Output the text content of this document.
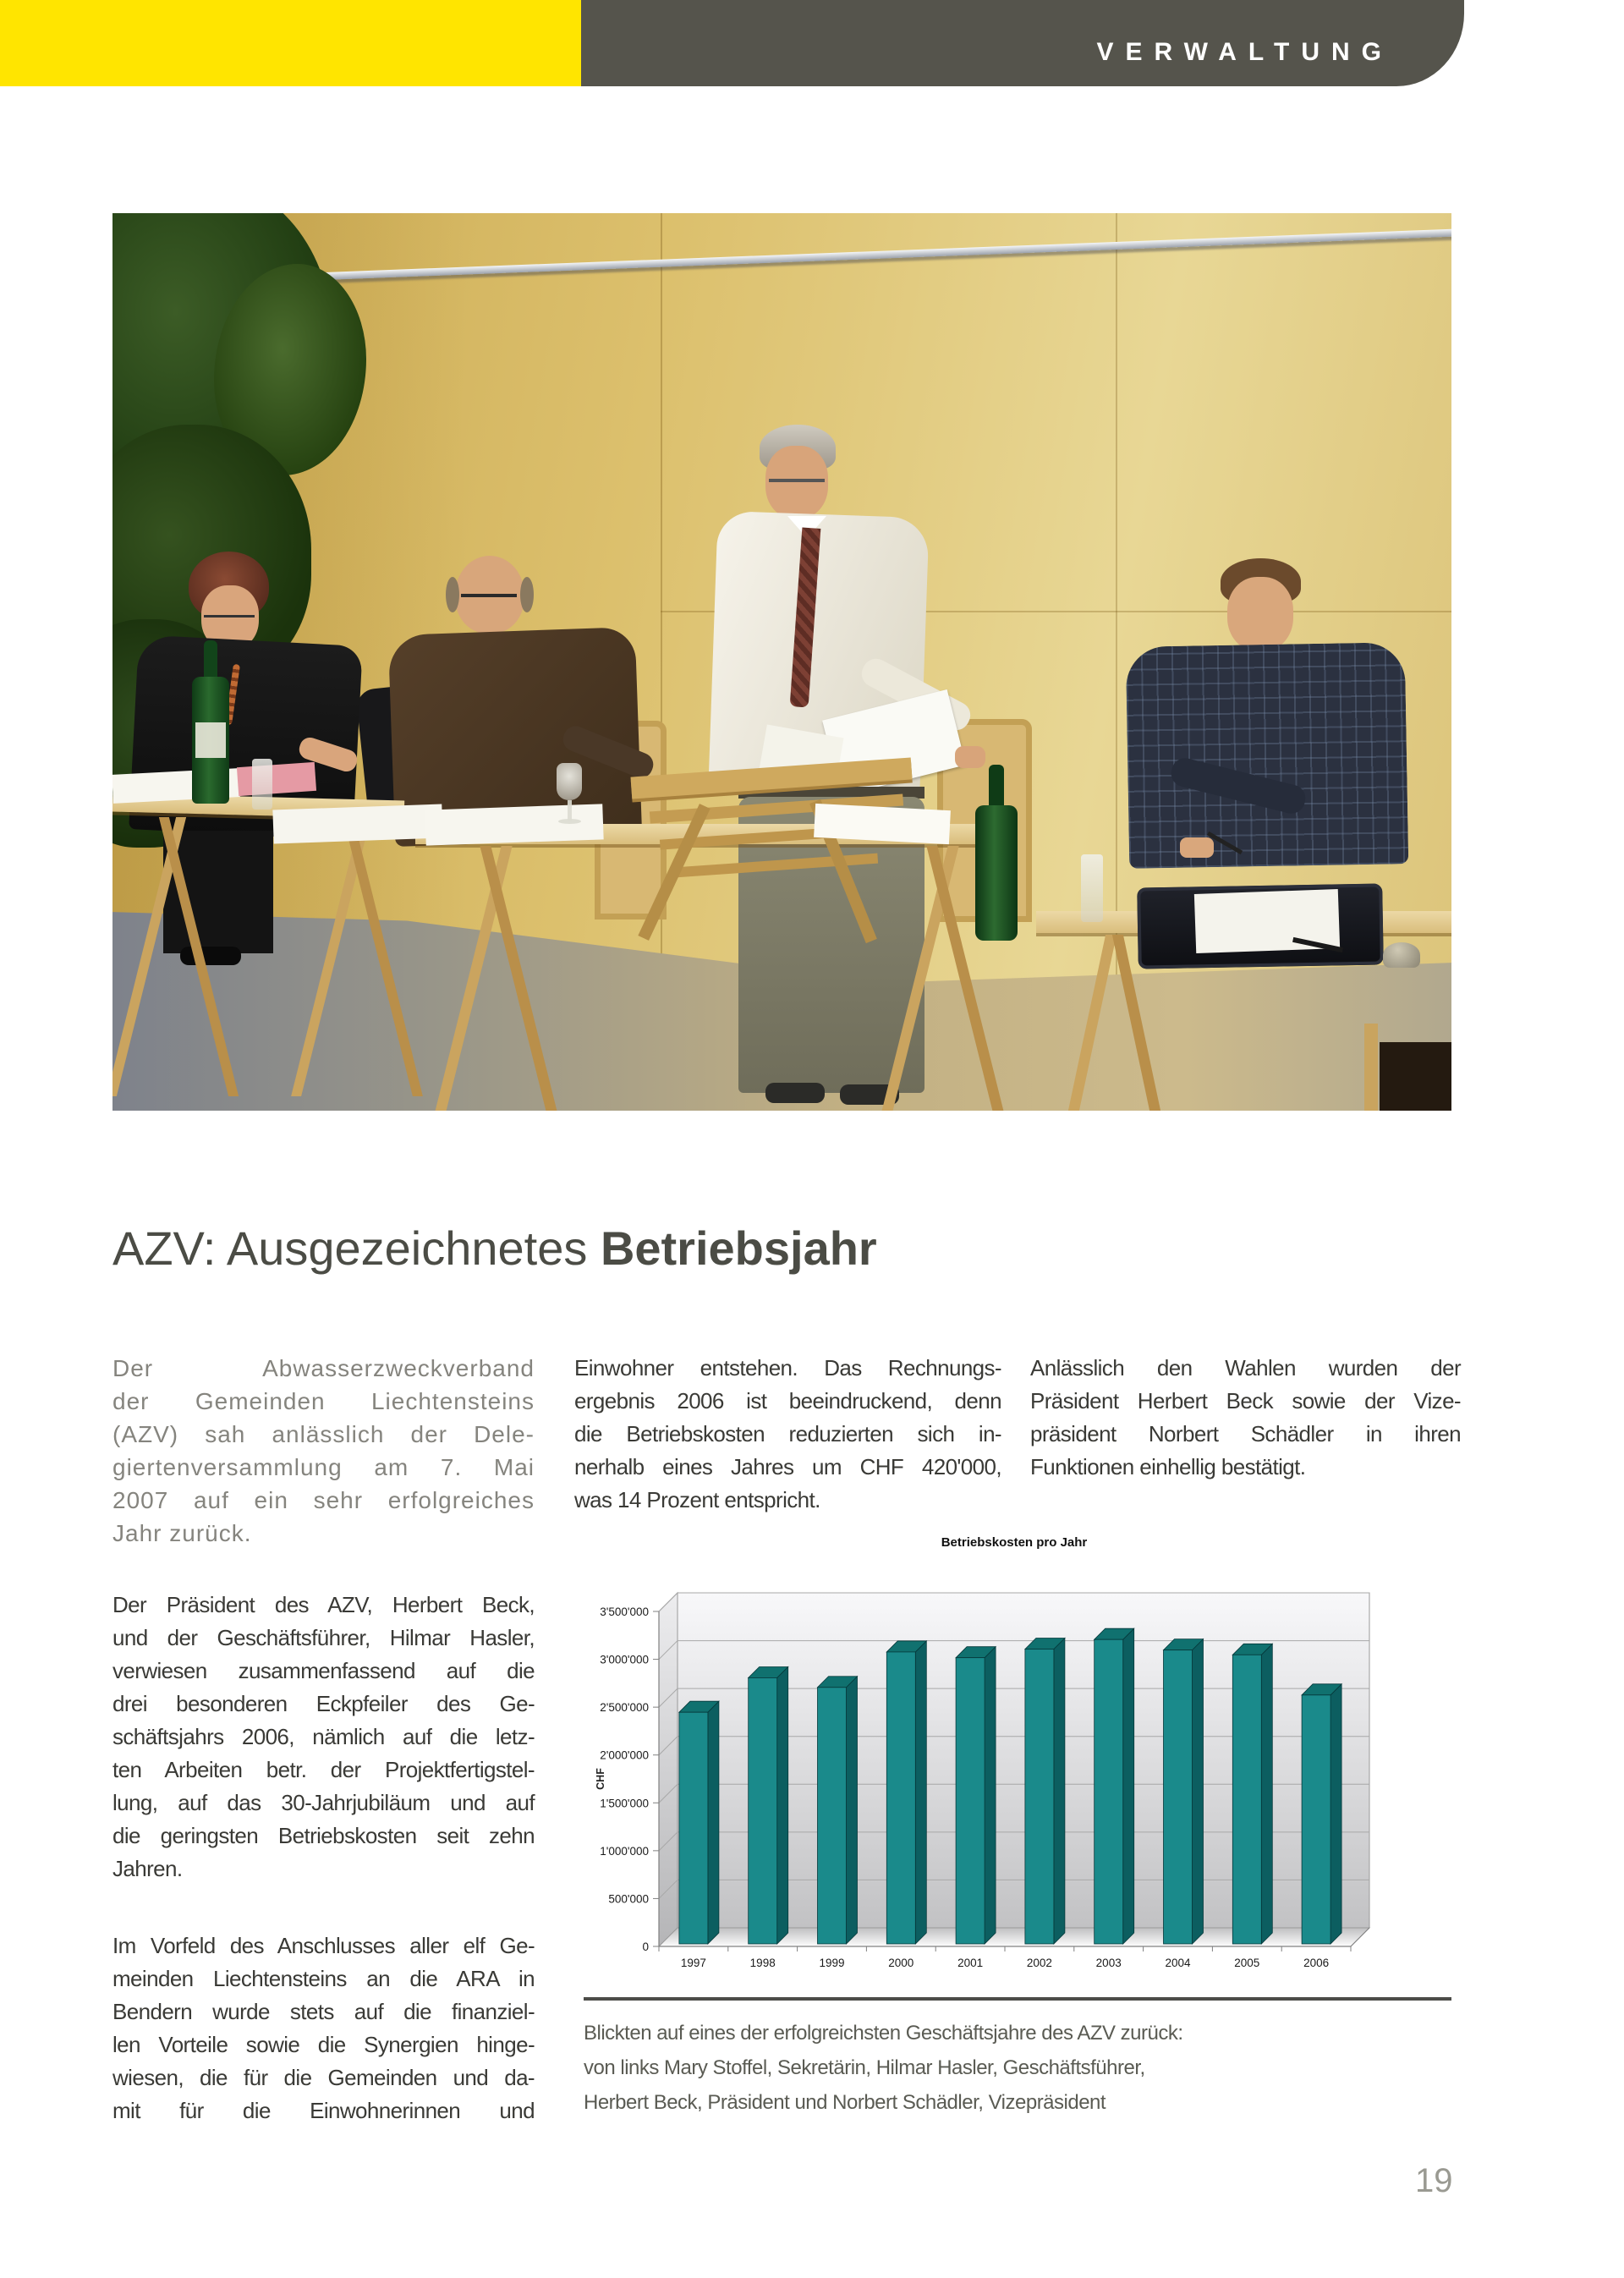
VERWALTUNG
AZV: Ausgezeichnetes Betriebsjahr
Der Abwasserzweckverband
der Gemeinden Liechtensteins
(AZV) sah anlässlich der Dele-
giertenversammlung am 7. Mai
2007 auf ein sehr erfolgreiches
Jahr zurück.
Der Präsident des AZV, Herbert Beck,
und der Geschäftsführer, Hilmar Hasler,
verwiesen zusammenfassend auf die
drei besonderen Eckpfeiler des Ge-
schäftsjahrs 2006, nämlich auf die letz-
ten Arbeiten betr. der Projektfertigstel-
lung, auf das 30-Jahrjubiläum und auf
die geringsten Betriebskosten seit zehn
Jahren.
Im Vorfeld des Anschlusses aller elf Ge-
meinden Liechtensteins an die ARA in
Bendern wurde stets auf die finanziel-
len Vorteile sowie die Synergien hinge-
wiesen, die für die Gemeinden und da-
mit für die Einwohnerinnen und
Einwohner entstehen. Das Rechnungs-
ergebnis 2006 ist beeindruckend, denn
die Betriebskosten reduzierten sich in-
nerhalb eines Jahres um CHF 420'000,
was 14 Prozent entspricht.
Anlässlich den Wahlen wurden der
Präsident Herbert Beck sowie der Vize-
präsident Norbert Schädler in ihren
Funktionen einhellig bestätigt.
3'500'000
3'000'000
2'500'000
2'000'000
1'500'000
1'000'000
500'000
0
1997	1998	1999	2000	2001	2002	2003	2004	2005	2006
Betriebskosten pro Jahr
CHF
Blickten auf eines der erfolgreichsten Geschäftsjahre des AZV zurück:
von links Mary Stoffel, Sekretärin, Hilmar Hasler, Geschäftsführer,
Herbert Beck, Präsident und Norbert Schädler, Vizepräsident
19
